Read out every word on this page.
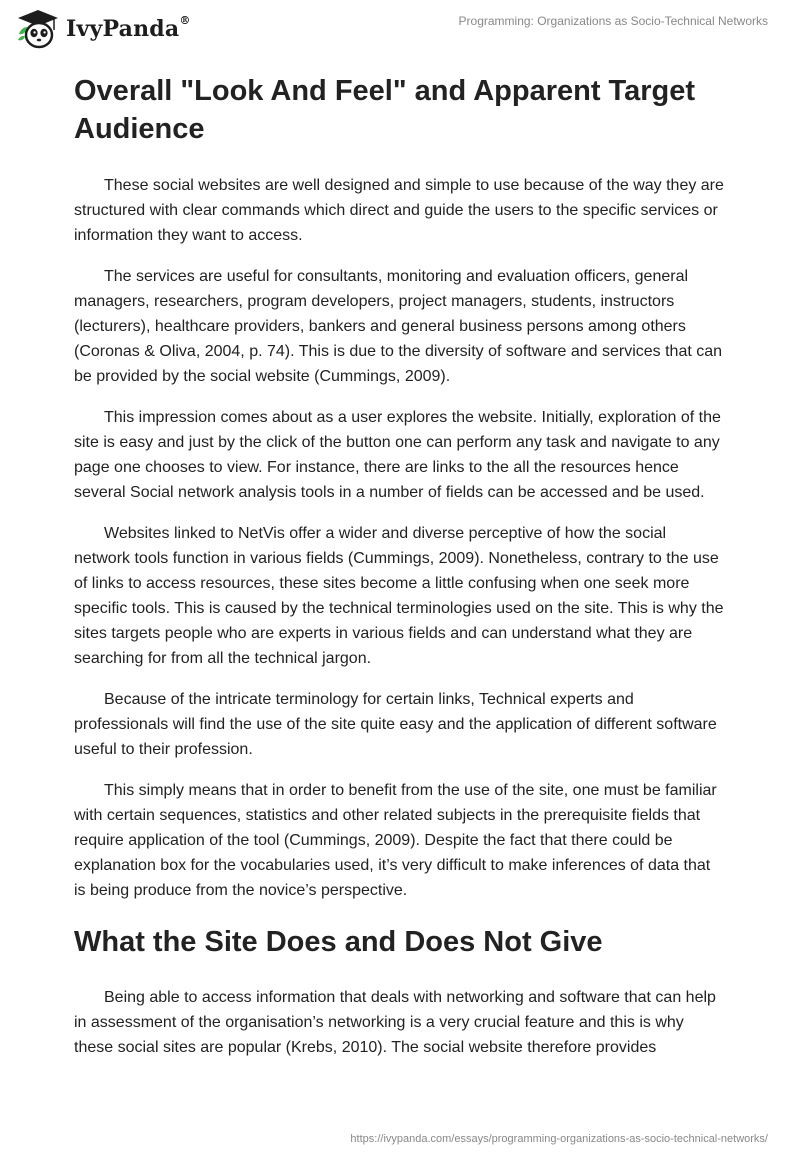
IvyPanda®	Programming: Organizations as Socio-Technical Networks
Overall "Look And Feel" and Apparent Target Audience

These social websites are well designed and simple to use because of the way they are structured with clear commands which direct and guide the users to the specific services or information they want to access.

The services are useful for consultants, monitoring and evaluation officers, general managers, researchers, program developers, project managers, students, instructors (lecturers), healthcare providers, bankers and general business persons among others (Coronas & Oliva, 2004, p. 74). This is due to the diversity of software and services that can be provided by the social website (Cummings, 2009).

This impression comes about as a user explores the website. Initially, exploration of the site is easy and just by the click of the button one can perform any task and navigate to any page one chooses to view. For instance, there are links to the all the resources hence several Social network analysis tools in a number of fields can be accessed and be used.

Websites linked to NetVis offer a wider and diverse perceptive of how the social network tools function in various fields (Cummings, 2009). Nonetheless, contrary to the use of links to access resources, these sites become a little confusing when one seek more specific tools. This is caused by the technical terminologies used on the site. This is why the sites targets people who are experts in various fields and can understand what they are searching for from all the technical jargon.

Because of the intricate terminology for certain links, Technical experts and professionals will find the use of the site quite easy and the application of different software useful to their profession.

This simply means that in order to benefit from the use of the site, one must be familiar with certain sequences, statistics and other related subjects in the prerequisite fields that require application of the tool (Cummings, 2009). Despite the fact that there could be explanation box for the vocabularies used, it’s very difficult to make inferences of data that is being produce from the novice’s perspective.

What the Site Does and Does Not Give

Being able to access information that deals with networking and software that can help in assessment of the organisation’s networking is a very crucial feature and this is why these social sites are popular (Krebs, 2010). The social website therefore provides

https://ivypanda.com/essays/programming-organizations-as-socio-technical-networks/
